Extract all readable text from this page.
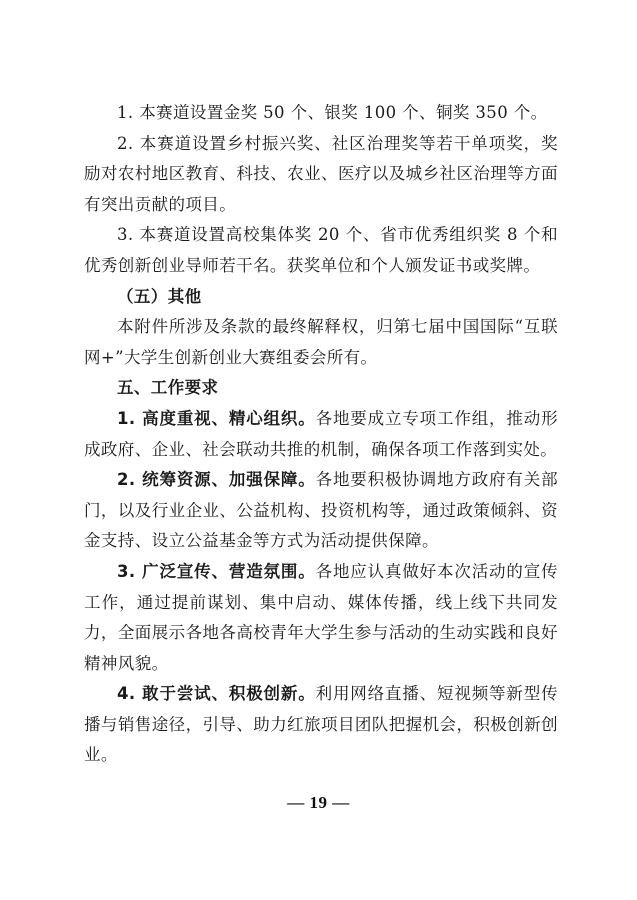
1. 本赛道设置金奖 50 个、银奖 100 个、铜奖 350 个。

2. 本赛道设置乡村振兴奖、社区治理奖等若干单项奖，奖励对农村地区教育、科技、农业、医疗以及城乡社区治理等方面有突出贡献的项目。

3. 本赛道设置高校集体奖 20 个、省市优秀组织奖 8 个和优秀创新创业导师若干名。获奖单位和个人颁发证书或奖牌。

（五）其他

本附件所涉及条款的最终解释权，归第七届中国国际“互联网+”大学生创新创业大赛组委会所有。

五、工作要求

1. 高度重视、精心组织。各地要成立专项工作组，推动形成政府、企业、社会联动共推的机制，确保各项工作落到实处。

2. 统筹资源、加强保障。各地要积极协调地方政府有关部门，以及行业企业、公益机构、投资机构等，通过政策倾斜、资金支持、设立公益基金等方式为活动提供保障。

3. 广泛宣传、营造氛围。各地应认真做好本次活动的宣传工作，通过提前谋划、集中启动、媒体传播，线上线下共同发力，全面展示各地各高校青年大学生参与活动的生动实践和良好精神风貌。

4. 敢于尝试、积极创新。利用网络直播、短视频等新型传播与销售途径，引导、助力红旅项目团队把握机会，积极创新创业。

— 19 —
